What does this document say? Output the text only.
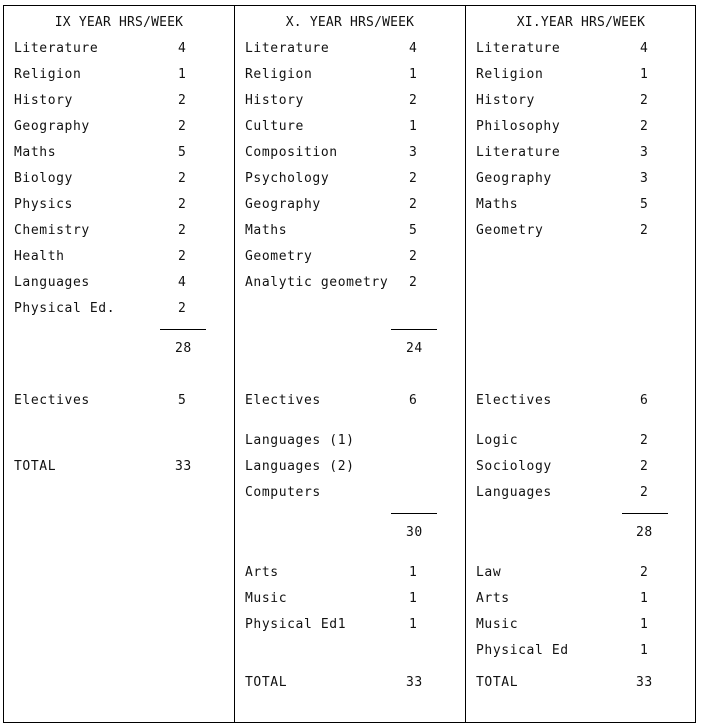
IX YEAR HRS/WEEK
Literature	4
Religion	1
History	2
Geography	2
Maths	5
Biology	2
Physics	2
Chemistry	2
Health	2
Languages	4
Physical Ed.	2
28
Electives	5
TOTAL	33
X. YEAR HRS/WEEK
Literature	4
Religion	1
History	2
Culture	1
Composition	3
Psychology	2
Geography	2
Maths	5
Geometry	2
Analytic geometry 2
24
Electives	6
Languages (1)
Languages (2)
Computers
30
Arts	1
Music	1
Physical Ed1	1
TOTAL	33
XI.YEAR HRS/WEEK
Literature	4
Religion	1
History	2
Philosophy	2
Literature	3
Geography	3
Maths	5
Geometry	2
Electives	6
Logic	2
Sociology	2
Languages	2
28
Law	2
Arts	1
Music	1
Physical Ed	1
TOTAL	33
